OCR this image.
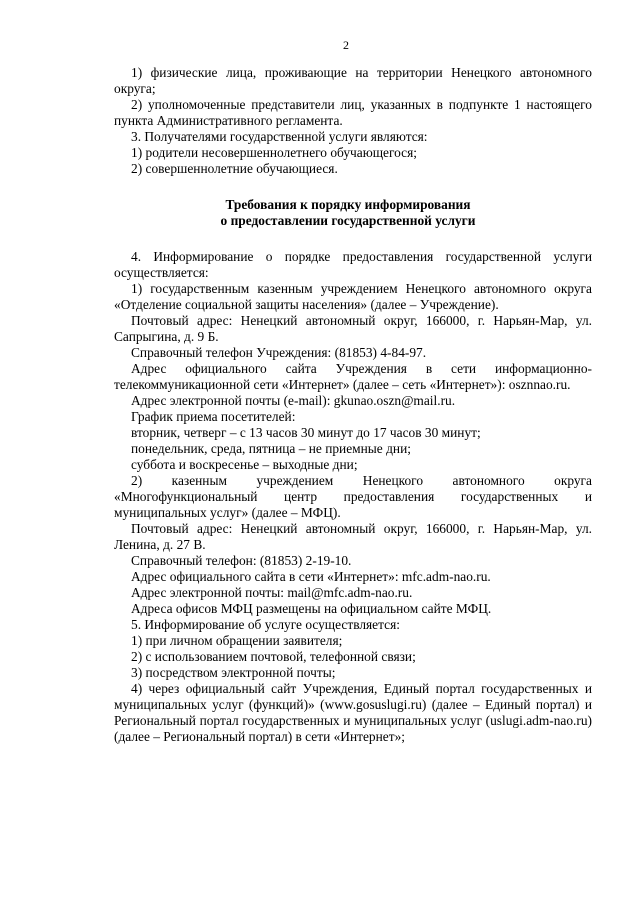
2

1) физические лица, проживающие на территории Ненецкого автономного округа;

2) уполномоченные представители лиц, указанных в подпункте 1 настоящего пункта Административного регламента.

3. Получателями государственной услуги являются:

1) родители несовершеннолетнего обучающегося;

2) совершеннолетние обучающиеся.

Требования к порядку информирования
о предоставлении государственной услуги

4. Информирование о порядке предоставления государственной услуги осуществляется:

1) государственным казенным учреждением Ненецкого автономного округа «Отделение социальной защиты населения» (далее – Учреждение).

Почтовый адрес: Ненецкий автономный округ, 166000, г. Нарьян-Мар, ул. Сапрыгина, д. 9 Б.

Справочный телефон Учреждения: (81853) 4-84-97.

Адрес официального сайта Учреждения в сети информационно-телекоммуникационной сети «Интернет» (далее – сеть «Интернет»): osznnao.ru.

Адрес электронной почты (e-mail): gkunao.oszn@mail.ru.

График приема посетителей:

вторник, четверг – с 13 часов 30 минут до 17 часов 30 минут;

понедельник, среда, пятница – не приемные дни;

суббота и воскресенье – выходные дни;

2) казенным учреждением Ненецкого автономного округа «Многофункциональный центр предоставления государственных и муниципальных услуг» (далее – МФЦ).

Почтовый адрес: Ненецкий автономный округ, 166000, г. Нарьян-Мар, ул. Ленина, д. 27 В.

Справочный телефон: (81853) 2-19-10.

Адрес официального сайта в сети «Интернет»: mfc.adm-nao.ru.

Адрес электронной почты: mail@mfc.adm-nao.ru.

Адреса офисов МФЦ размещены на официальном сайте МФЦ.

5. Информирование об услуге осуществляется:

1) при личном обращении заявителя;

2) с использованием почтовой, телефонной связи;

3) посредством электронной почты;

4) через официальный сайт Учреждения, Единый портал государственных и муниципальных услуг (функций)» (www.gosuslugi.ru) (далее – Единый портал) и Региональный портал государственных и муниципальных услуг (uslugi.adm-nao.ru) (далее – Региональный портал) в сети «Интернет»;
